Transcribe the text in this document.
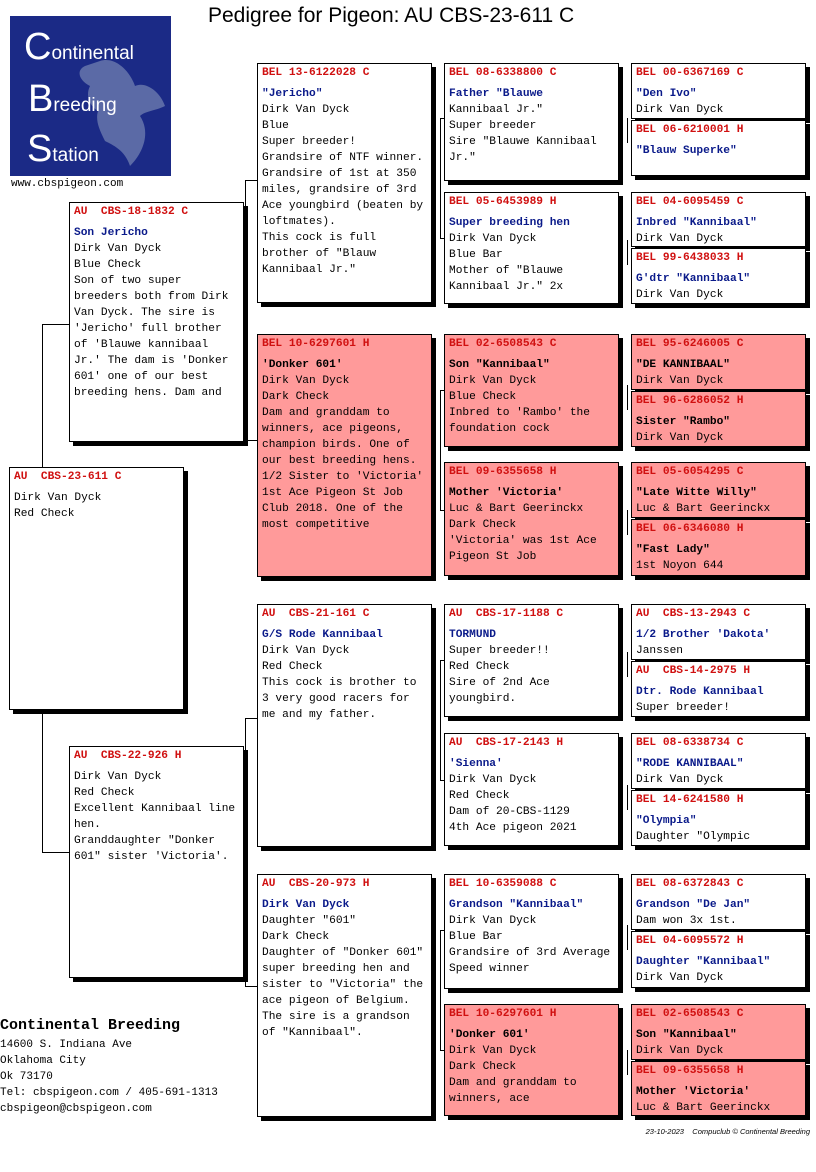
Pedigree for Pigeon: AU CBS-23-611 C
Continental
Breeding
Station
www.cbspigeon.com
AU  CBS-23-611 C
Dirk Van Dyck
Red Check
AU  CBS-18-1832 C
Son Jericho
Dirk Van Dyck
Blue Check
Son of two super breeders both from Dirk Van Dyck. The sire is 'Jericho' full brother of 'Blauwe kannibaal Jr.' The dam is 'Donker 601' one of our best breeding hens. Dam and
AU  CBS-22-926 H
Dirk Van Dyck
Red Check
Excellent Kannibaal line hen.
Granddaughter "Donker 601" sister 'Victoria'.
BEL 13-6122028 C
"Jericho"
Dirk Van Dyck
Blue
Super breeder!
Grandsire of NTF winner. Grandsire of 1st at 350 miles, grandsire of 3rd Ace youngbird (beaten by loftmates).
This cock is full brother of "Blauw Kannibaal Jr."
BEL 10-6297601 H
'Donker 601'
Dirk Van Dyck
Dark Check
Dam and granddam to winners, ace pigeons, champion birds. One of our best breeding hens. 1/2 Sister to 'Victoria' 1st Ace Pigeon St Job Club 2018. One of the most competitive
AU  CBS-21-161 C
G/S Rode Kannibaal
Dirk Van Dyck
Red Check
This cock is brother to 3 very good racers for me and my father.
AU  CBS-20-973 H
Dirk Van Dyck
Daughter "601"
Dark Check
Daughter of "Donker 601" super breeding hen and sister to "Victoria" the ace pigeon of Belgium. The sire is a grandson of "Kannibaal".
BEL 08-6338800 C
Father "Blauwe
Kannibaal Jr."
Super breeder
Sire "Blauwe Kannibaal Jr."
BEL 05-6453989 H
Super breeding hen
Dirk Van Dyck
Blue Bar
Mother of "Blauwe Kannibaal Jr." 2x
BEL 02-6508543 C
Son "Kannibaal"
Dirk Van Dyck
Blue Check
Inbred to 'Rambo' the foundation cock
BEL 09-6355658 H
Mother 'Victoria'
Luc & Bart Geerinckx
Dark Check
'Victoria' was 1st Ace Pigeon St Job
AU  CBS-17-1188 C
TORMUND
Super breeder!!
Red Check
Sire of 2nd Ace youngbird.
AU  CBS-17-2143 H
'Sienna'
Dirk Van Dyck
Red Check
Dam of 20-CBS-1129
4th Ace pigeon 2021
BEL 10-6359088 C
Grandson "Kannibaal"
Dirk Van Dyck
Blue Bar
Grandsire of 3rd Average Speed winner
BEL 10-6297601 H
'Donker 601'
Dirk Van Dyck
Dark Check
Dam and granddam to winners, ace
BEL 00-6367169 C
"Den Ivo"
Dirk Van Dyck
BEL 06-6210001 H
"Blauw Superke"
BEL 04-6095459 C
Inbred "Kannibaal"
Dirk Van Dyck
BEL 99-6438033 H
G'dtr "Kannibaal"
Dirk Van Dyck
BEL 95-6246005 C
"DE KANNIBAAL"
Dirk Van Dyck
BEL 96-6286052 H
Sister "Rambo"
Dirk Van Dyck
BEL 05-6054295 C
"Late Witte Willy"
Luc & Bart Geerinckx
BEL 06-6346080 H
"Fast Lady"
1st Noyon 644
AU  CBS-13-2943 C
1/2 Brother 'Dakota'
Janssen
AU  CBS-14-2975 H
Dtr. Rode Kannibaal
Super breeder!
BEL 08-6338734 C
"RODE KANNIBAAL"
Dirk Van Dyck
BEL 14-6241580 H
"Olympia"
Daughter "Olympic
BEL 08-6372843 C
Grandson "De Jan"
Dam won 3x 1st.
BEL 04-6095572 H
Daughter "Kannibaal"
Dirk Van Dyck
BEL 02-6508543 C
Son "Kannibaal"
Dirk Van Dyck
BEL 09-6355658 H
Mother 'Victoria'
Luc & Bart Geerinckx
Continental Breeding
14600 S. Indiana Ave
Oklahoma City
Ok 73170
Tel: cbspigeon.com / 405-691-1313
cbspigeon@cbspigeon.com
23-10-2023    Compuclub © Continental Breeding
